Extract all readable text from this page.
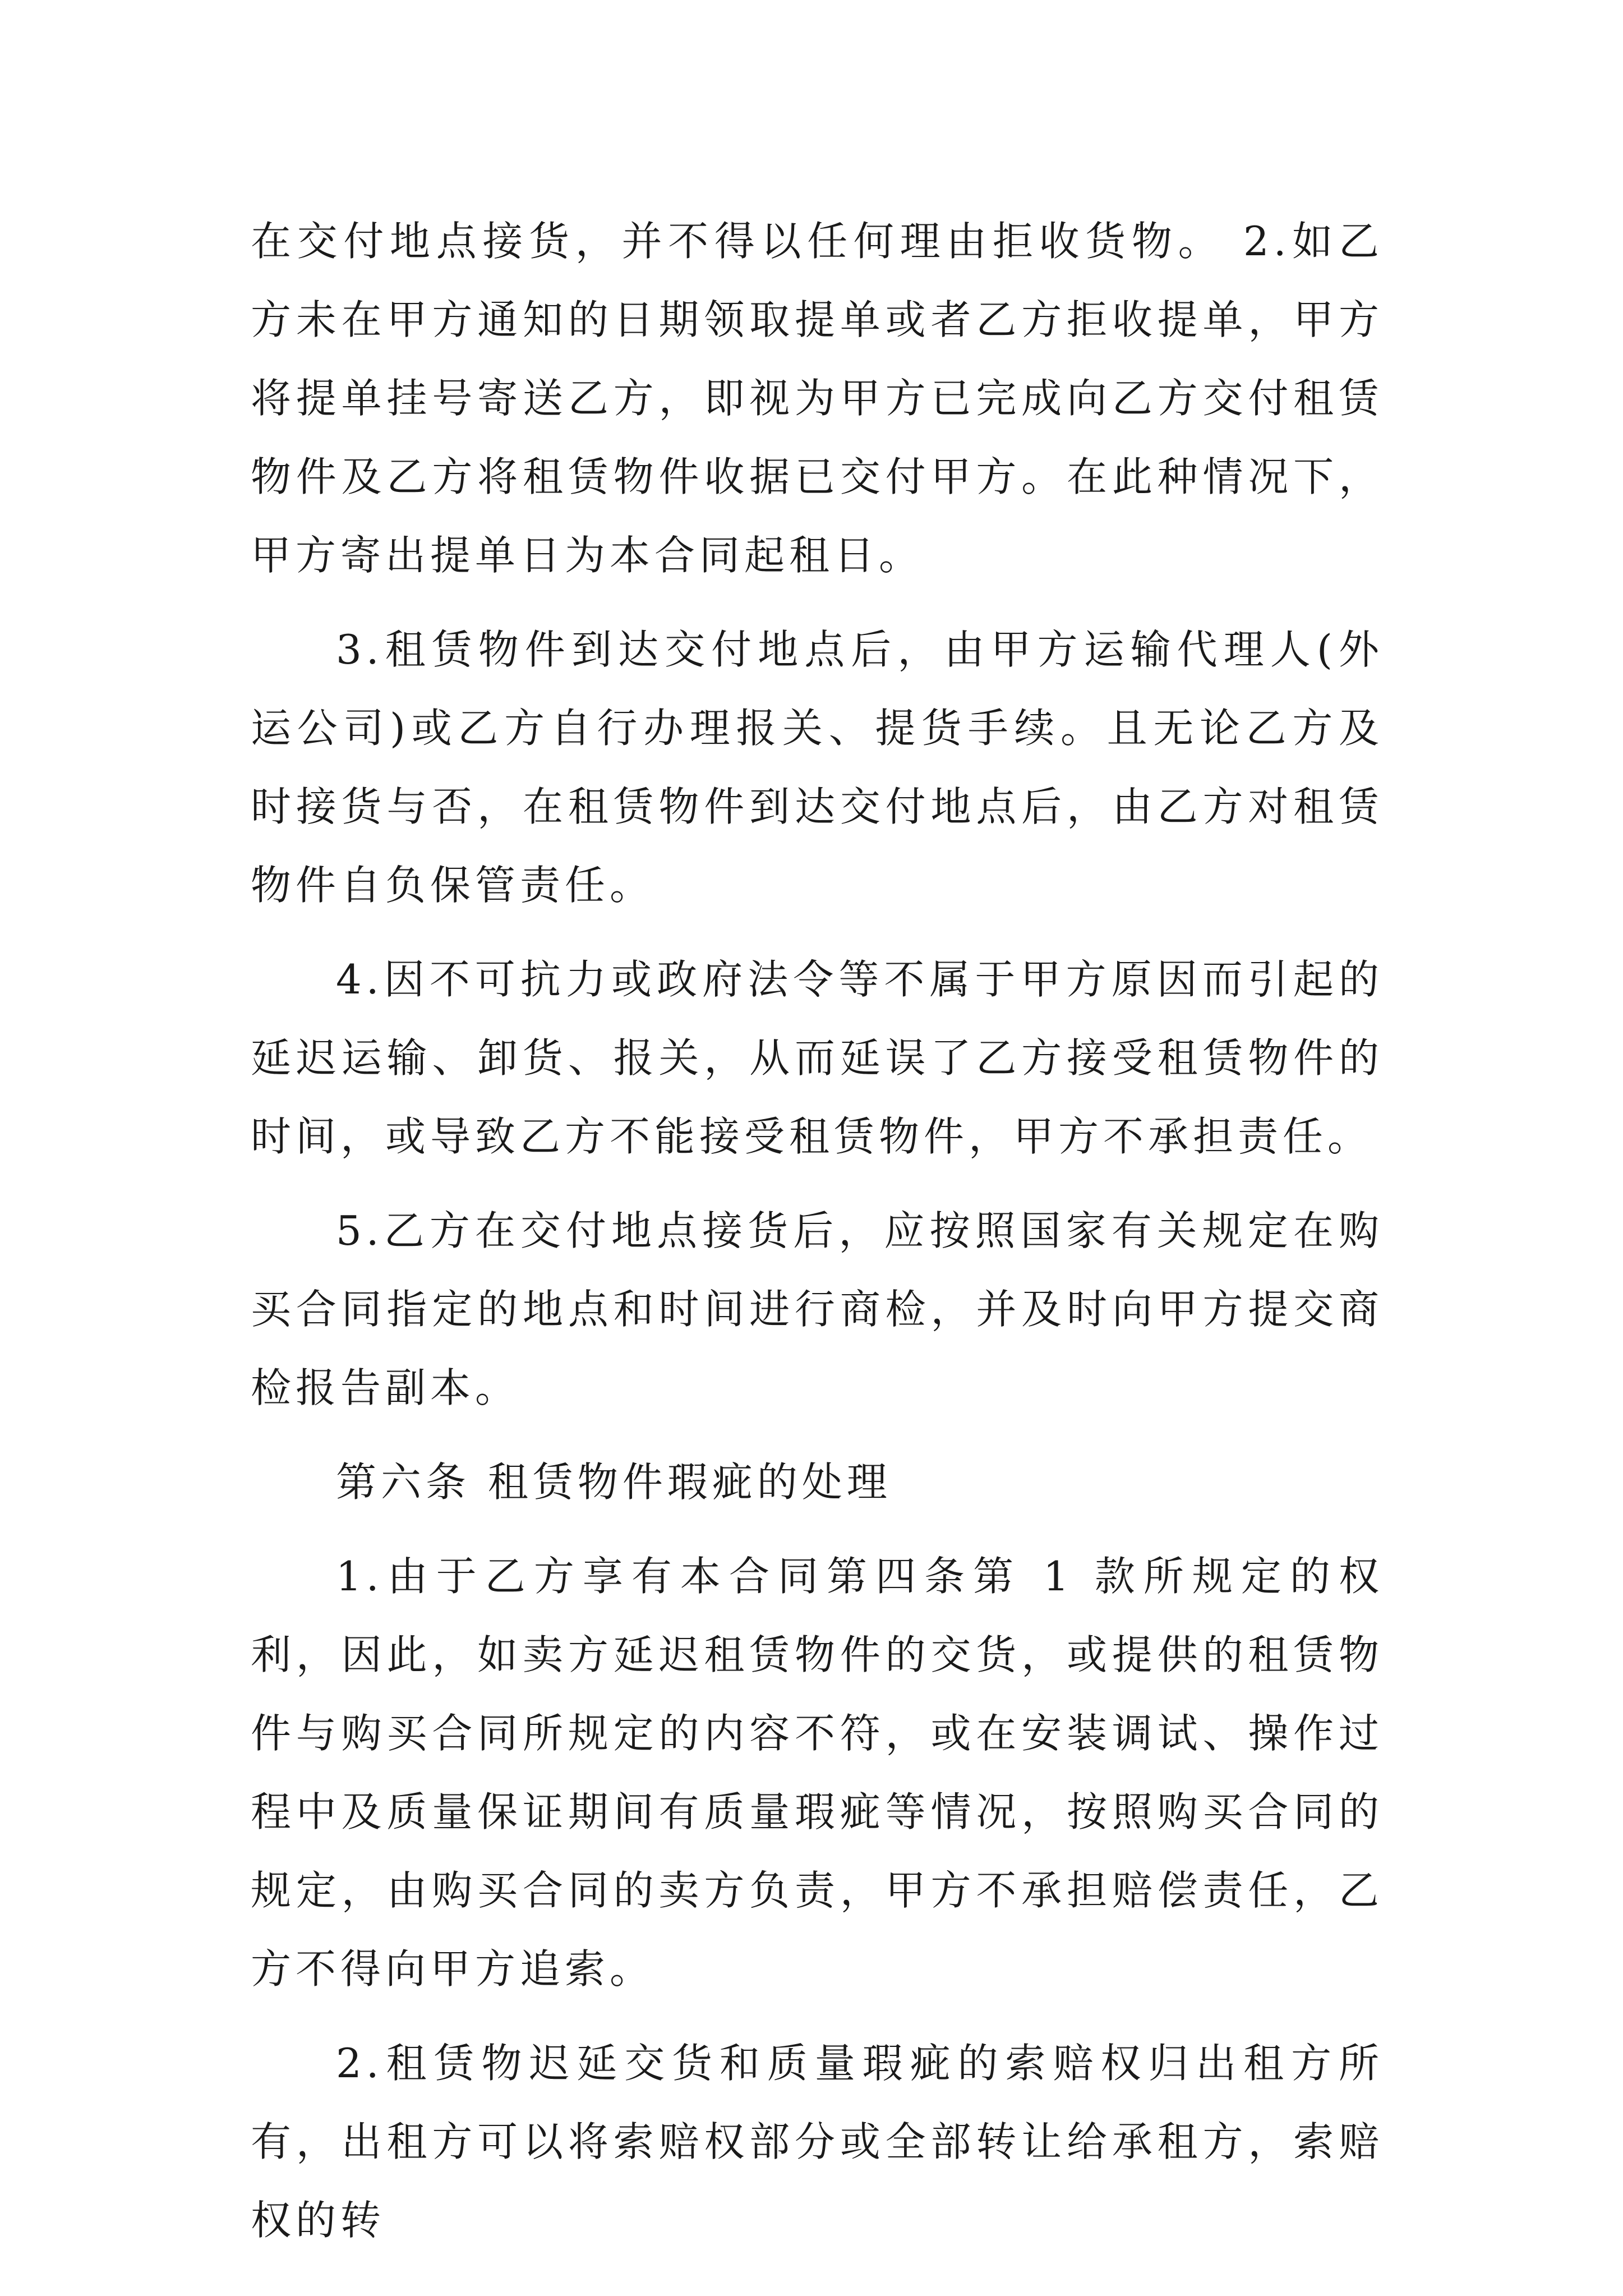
在交付地点接货，并不得以任何理由拒收货物。 2.如乙方未在甲方通知的日期领取提单或者乙方拒收提单，甲方将提单挂号寄送乙方，即视为甲方已完成向乙方交付租赁物件及乙方将租赁物件收据已交付甲方。在此种情况下，甲方寄出提单日为本合同起租日。

3.租赁物件到达交付地点后，由甲方运输代理人(外运公司)或乙方自行办理报关、提货手续。且无论乙方及时接货与否，在租赁物件到达交付地点后，由乙方对租赁物件自负保管责任。

4.因不可抗力或政府法令等不属于甲方原因而引起的延迟运输、卸货、报关，从而延误了乙方接受租赁物件的时间，或导致乙方不能接受租赁物件，甲方不承担责任。

5.乙方在交付地点接货后，应按照国家有关规定在购买合同指定的地点和时间进行商检，并及时向甲方提交商检报告副本。

第六条 租赁物件瑕疵的处理

1.由于乙方享有本合同第四条第 1 款所规定的权利，因此，如卖方延迟租赁物件的交货，或提供的租赁物件与购买合同所规定的内容不符，或在安装调试、操作过程中及质量保证期间有质量瑕疵等情况，按照购买合同的规定，由购买合同的卖方负责，甲方不承担赔偿责任，乙方不得向甲方追索。

2.租赁物迟延交货和质量瑕疵的索赔权归出租方所有，出租方可以将索赔权部分或全部转让给承租方，索赔权的转
